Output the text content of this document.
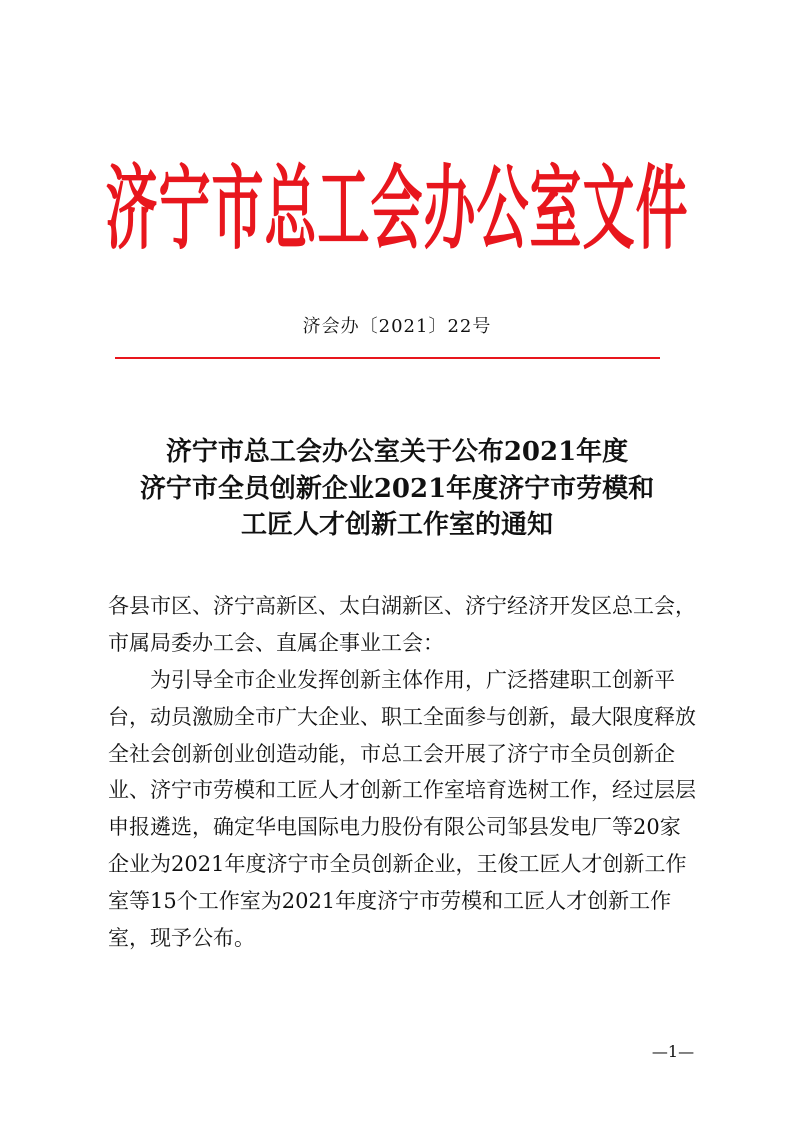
济宁市总工会办公室文件
济会办〔2021〕22号
济宁市总工会办公室关于公布2021年度
济宁市全员创新企业2021年度济宁市劳模和
工匠人才创新工作室的通知
各县市区、济宁高新区、太白湖新区、济宁经济开发区总工会，
市属局委办工会、直属企事业工会：
　　为引导全市企业发挥创新主体作用，广泛搭建职工创新平
台，动员激励全市广大企业、职工全面参与创新，最大限度释放
全社会创新创业创造动能，市总工会开展了济宁市全员创新企
业、济宁市劳模和工匠人才创新工作室培育选树工作，经过层层
申报遴选，确定华电国际电力股份有限公司邹县发电厂等20家
企业为2021年度济宁市全员创新企业，王俊工匠人才创新工作
室等15个工作室为2021年度济宁市劳模和工匠人才创新工作
室，现予公布。
—1—
